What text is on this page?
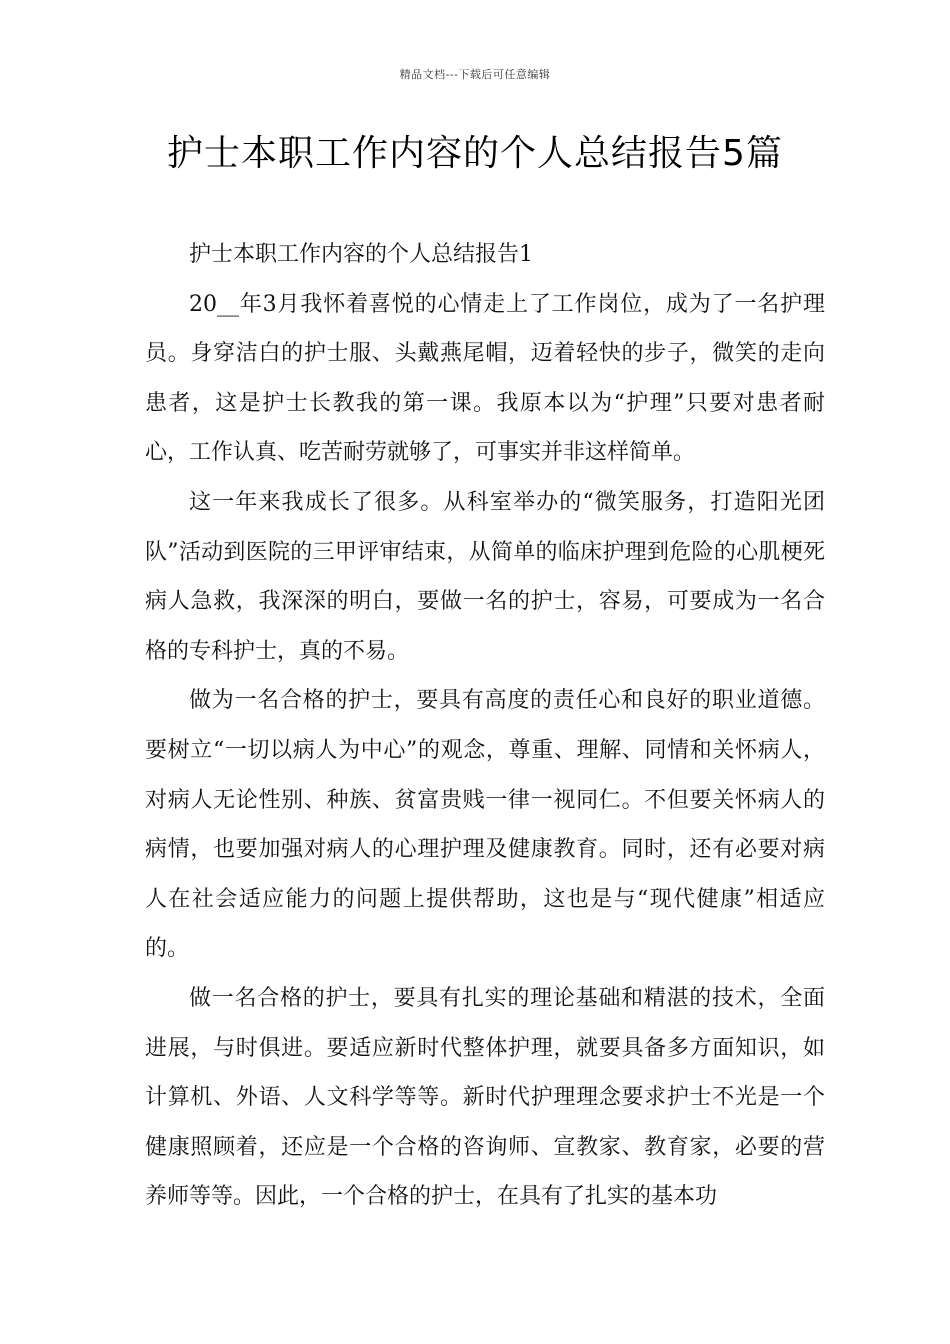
精品文档---下载后可任意编辑
护士本职工作内容的个人总结报告5篇

护士本职工作内容的个人总结报告1

20__年3月我怀着喜悦的心情走上了工作岗位，成为了一名护理员。身穿洁白的护士服、头戴燕尾帽，迈着轻快的步子，微笑的走向患者，这是护士长教我的第一课。我原本以为“护理”只要对患者耐心，工作认真、吃苦耐劳就够了，可事实并非这样简单。

这一年来我成长了很多。从科室举办的“微笑服务，打造阳光团队”活动到医院的三甲评审结束，从简单的临床护理到危险的心肌梗死病人急救，我深深的明白，要做一名的护士，容易，可要成为一名合格的专科护士，真的不易。

做为一名合格的护士，要具有高度的责任心和良好的职业道德。要树立“一切以病人为中心”的观念，尊重、理解、同情和关怀病人，对病人无论性别、种族、贫富贵贱一律一视同仁。不但要关怀病人的病情，也要加强对病人的心理护理及健康教育。同时，还有必要对病人在社会适应能力的问题上提供帮助，这也是与“现代健康”相适应的。

做一名合格的护士，要具有扎实的理论基础和精湛的技术，全面进展，与时俱进。要适应新时代整体护理，就要具备多方面知识，如计算机、外语、人文科学等等。新时代护理理念要求护士不光是一个健康照顾着，还应是一个合格的咨询师、宣教家、教育家，必要的营养师等等。因此，一个合格的护士，在具有了扎实的基本功
